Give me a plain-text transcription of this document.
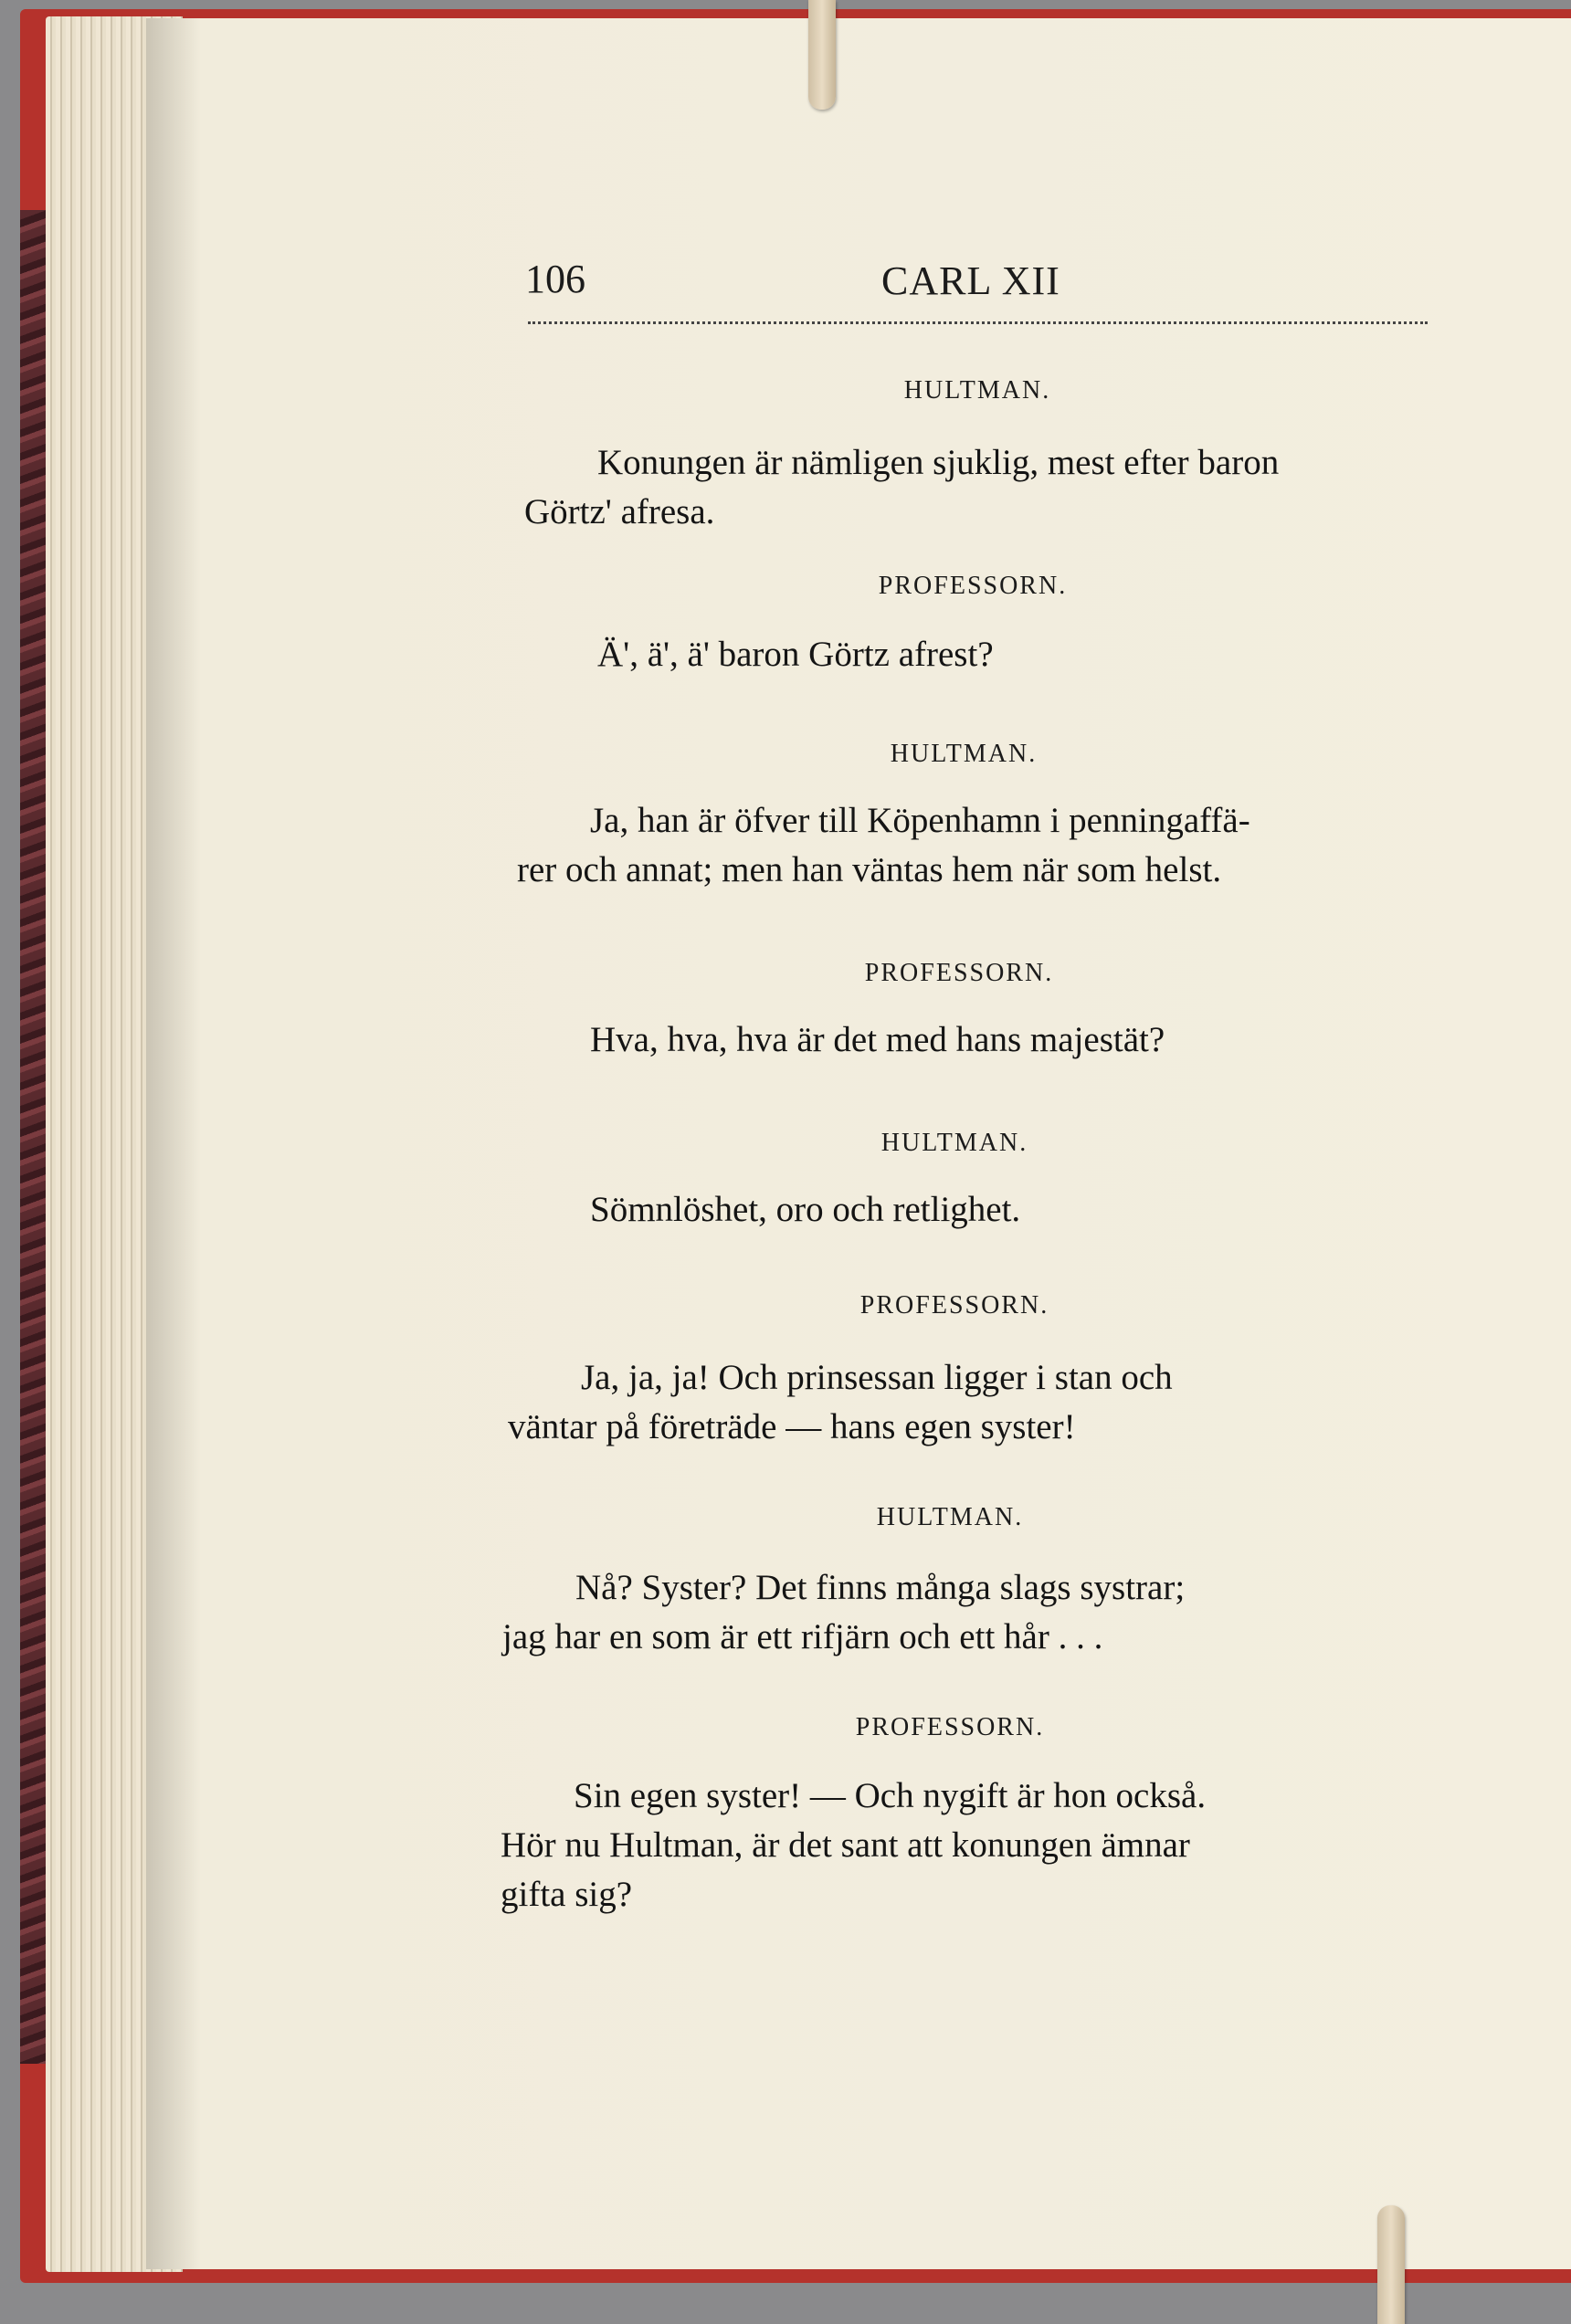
106	CARL XII
HULTMAN.

Konungen är nämligen sjuklig, mest efter baron
Görtz' afresa.

PROFESSORN.

Ä', ä', ä' baron Görtz afrest?

HULTMAN.

Ja, han är öfver till Köpenhamn i penningaffä-
rer och annat; men han väntas hem när som helst.

PROFESSORN.

Hva, hva, hva är det med hans majestät?

HULTMAN.

Sömnlöshet, oro och retlighet.

PROFESSORN.

Ja, ja, ja! Och prinsessan ligger i stan och
väntar på företräde — hans egen syster!

HULTMAN.

Nå? Syster? Det finns många slags systrar;
jag har en som är ett rifjärn och ett hår . . .

PROFESSORN.

Sin egen syster! — Och nygift är hon också.
Hör nu Hultman, är det sant att konungen ämnar
gifta sig?
